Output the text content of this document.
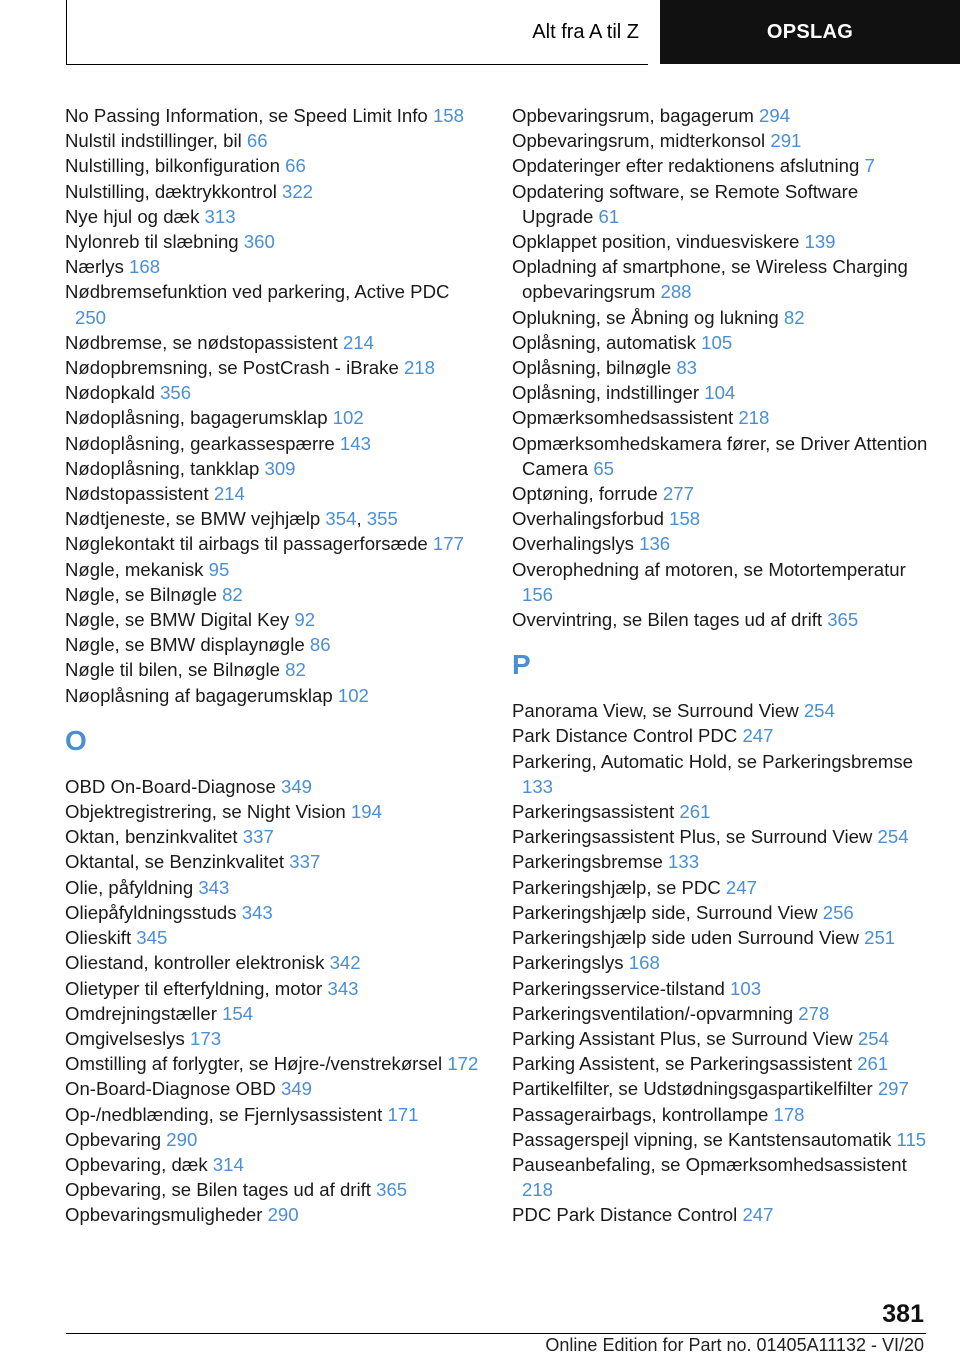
Alt fra A til Z	OPSLAG
No Passing Information, se Speed Limit Info 158
Nulstil indstillinger, bil 66
Nulstilling, bilkonfiguration 66
Nulstilling, dæktrykkontrol 322
Nye hjul og dæk 313
Nylonreb til slæbning 360
Nærlys 168
Nødbremsefunktion ved parkering, Active PDC 250
Nødbremse, se nødstopassistent 214
Nødopbremsning, se PostCrash - iBrake 218
Nødopkald 356
Nødoplåsning, bagagerumsklap 102
Nødoplåsning, gearkassespærre 143
Nødoplåsning, tankklap 309
Nødstopassistent 214
Nødtjeneste, se BMW vejhjælp 354, 355
Nøglekontakt til airbags til passagerforsæde 177
Nøgle, mekanisk 95
Nøgle, se Bilnøgle 82
Nøgle, se BMW Digital Key 92
Nøgle, se BMW displaynøgle 86
Nøgle til bilen, se Bilnøgle 82
Nøoplåsning af bagagerumsklap 102
O
OBD On-Board-Diagnose 349
Objektregistrering, se Night Vision 194
Oktan, benzinkvalitet 337
Oktantal, se Benzinkvalitet 337
Olie, påfyldning 343
Oliepåfyldningsstuds 343
Olieskift 345
Oliestand, kontroller elektronisk 342
Olietyper til efterfyldning, motor 343
Omdrejningstæller 154
Omgivelseslys 173
Omstilling af forlygter, se Højre-/venstrekørsel 172
On-Board-Diagnose OBD 349
Op-/nedblænding, se Fjernlysassistent 171
Opbevaring 290
Opbevaring, dæk 314
Opbevaring, se Bilen tages ud af drift 365
Opbevaringsmuligheder 290
Opbevaringsrum, bagagerum 294
Opbevaringsrum, midterkonsol 291
Opdateringer efter redaktionens afslutning 7
Opdatering software, se Remote Software Upgrade 61
Opklappet position, vinduesviskere 139
Opladning af smartphone, se Wireless Charging opbevaringsrum 288
Oplukning, se Åbning og lukning 82
Oplåsning, automatisk 105
Oplåsning, bilnøgle 83
Oplåsning, indstillinger 104
Opmærksomhedsassistent 218
Opmærksomhedskamera fører, se Driver Attention Camera 65
Optøning, forrude 277
Overhalingsforbud 158
Overhalingslys 136
Overophedning af motoren, se Motortemperatur 156
Overvintring, se Bilen tages ud af drift 365
P
Panorama View, se Surround View 254
Park Distance Control PDC 247
Parkering, Automatic Hold, se Parkeringsbremse 133
Parkeringsassistent 261
Parkeringsassistent Plus, se Surround View 254
Parkeringsbremse 133
Parkeringshjælp, se PDC 247
Parkeringshjælp side, Surround View 256
Parkeringshjælp side uden Surround View 251
Parkeringslys 168
Parkeringsservice-tilstand 103
Parkeringsventilation/-opvarmning 278
Parking Assistant Plus, se Surround View 254
Parking Assistent, se Parkeringsassistent 261
Partikelfilter, se Udstødningsgaspartikelfilter 297
Passagerairbags, kontrollampe 178
Passagerspejl vipning, se Kantstensautomatik 115
Pauseanbefaling, se Opmærksomhedsassistent 218
PDC Park Distance Control 247
381
Online Edition for Part no. 01405A11132 - VI/20
